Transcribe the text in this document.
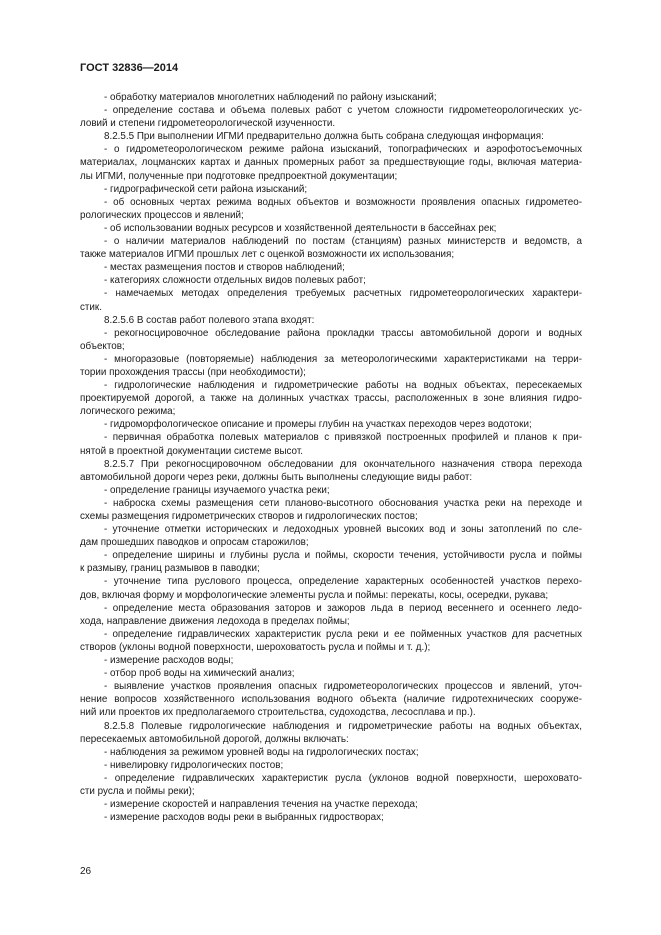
ГОСТ 32836—2014

- обработку материалов многолетних наблюдений по району изысканий;

- определение состава и объема полевых работ с учетом сложности гидрометеорологических ус-

ловий и степени гидрометеорологической изученности.

8.2.5.5 При выполнении ИГМИ предварительно должна быть собрана следующая информация:

- о гидрометеорологическом режиме района изысканий, топографических и аэрофотосъемочных

материалах, лоцманских картах и данных промерных работ за предшествующие годы, включая материа-

лы ИГМИ, полученные при подготовке предпроектной документации;

- гидрографической сети района изысканий;

- об основных чертах режима водных объектов и возможности проявления опасных гидрометео-

рологических процессов и явлений;

- об использовании водных ресурсов и хозяйственной деятельности в бассейнах рек;

- о наличии материалов наблюдений по постам (станциям) разных министерств и ведомств, а

также материалов ИГМИ прошлых лет с оценкой возможности их использования;

- местах размещения постов и створов наблюдений;

- категориях сложности отдельных видов полевых работ;

- намечаемых методах определения требуемых расчетных гидрометеорологических характери-

стик.

8.2.5.6 В состав работ полевого этапа входят:

- рекогносцировочное обследование района прокладки трассы автомобильной дороги и водных

объектов;

- многоразовые (повторяемые) наблюдения за метеорологическими характеристиками на терри-

тории прохождения трассы (при необходимости);

- гидрологические наблюдения и гидрометрические работы на водных объектах, пересекаемых

проектируемой дорогой, а также на долинных участках трассы, расположенных в зоне влияния гидро-

логического режима;

- гидроморфологическое описание и промеры глубин на участках переходов через водотоки;

- первичная обработка полевых материалов с привязкой построенных профилей и планов к при-

нятой в проектной документации системе высот.

8.2.5.7 При рекогносцировочном обследовании для окончательного назначения створа перехода

автомобильной дороги через реки, должны быть выполнены следующие виды работ:

- определение границы изучаемого участка реки;

- наброска схемы размещения сети планово-высотного обоснования участка реки на переходе и

схемы размещения гидрометрических створов и гидрологических постов;

- уточнение отметки исторических и ледоходных уровней высоких вод и зоны затоплений по сле-

дам прошедших паводков и опросам старожилов;

- определение ширины и глубины русла и поймы, скорости течения, устойчивости русла и поймы

к размыву, границ размывов в паводки;

- уточнение типа руслового процесса, определение характерных особенностей участков перехо-

дов, включая форму и морфологические элементы русла и поймы: перекаты, косы, осередки, рукава;

- определение места образования заторов и зажоров льда в период весеннего и осеннего ледо-

хода, направление движения ледохода в пределах поймы;

- определение гидравлических характеристик русла реки и ее пойменных участков для расчетных

створов (уклоны водной поверхности, шероховатость русла и поймы и т. д.);

- измерение расходов воды;

- отбор проб воды на химический анализ;

- выявление участков проявления опасных гидрометеорологических процессов и явлений, уточ-

нение вопросов хозяйственного использования водного объекта (наличие гидротехнических сооруже-

ний или проектов их предполагаемого строительства, судоходства, лесосплава и пр.).

8.2.5.8 Полевые гидрологические наблюдения и гидрометрические работы на водных объектах,

пересекаемых автомобильной дорогой, должны включать:

- наблюдения за режимом уровней воды на гидрологических постах;

- нивелировку гидрологических постов;

- определение гидравлических характеристик русла (уклонов водной поверхности, шероховато-

сти русла и поймы реки);

- измерение скоростей и направления течения на участке перехода;

- измерение расходов воды реки в выбранных гидростворах;

26
